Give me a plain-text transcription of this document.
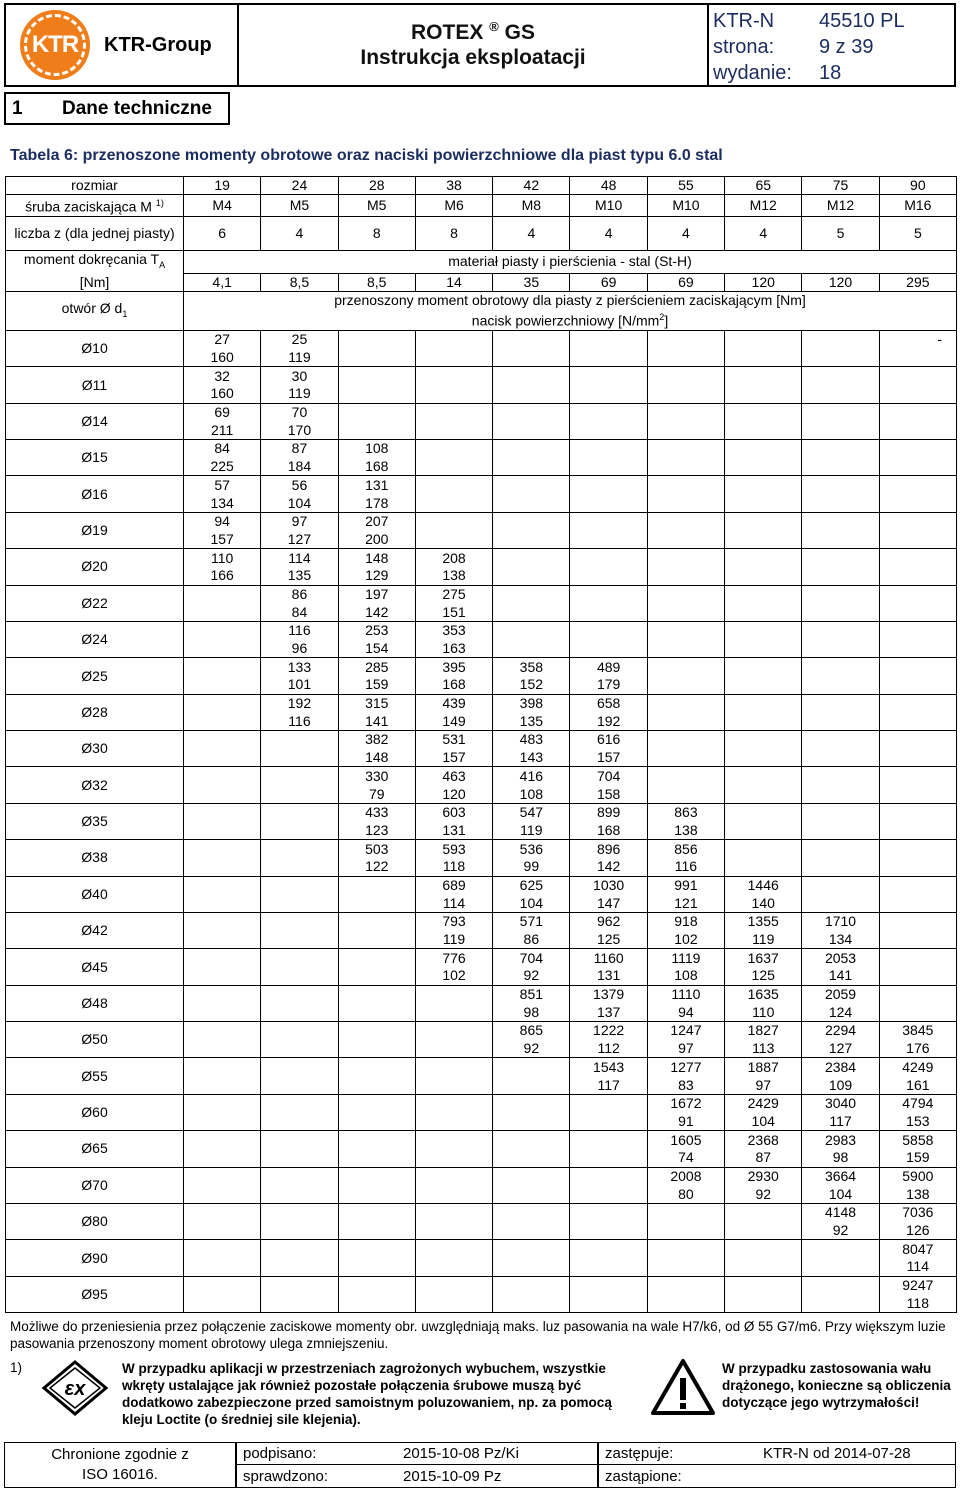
KTR KTR-Group
ROTEX ® GS
Instrukcja eksploatacji
KTR-N	45510 PL
strona:	9 z 39
wydanie:	18
1	Dane techniczne
Tabela 6: przenoszone momenty obrotowe oraz naciski powierzchniowe dla piast typu 6.0 stal
rozmiar	19	24	28	38	42	48	55	65	75	90
śruba zaciskająca M $^{1)}$	M4	M5	M5	M6	M8	M10	M10	M12	M12	M16
liczba z (dla jednej piasty)	6	4	8	8	4	4	4	4	5	5
moment dokręcania $T_A$	materiał piasty i pierścienia - stal (St-H)									
[Nm]	4,1	8,5	8,5	14	35	69	69	120	120	295
otwór Ø $d_1$	przenoszony moment obrotowy dla piasty z pierścieniem zaciskającym [Nm]
nacisk powierzchniowy $[N/mm^2]$									

Ø10	27	25								-
	160	119								
Ø11	32	30								
	160	119								
Ø14	69	70								
	211	170								
Ø15	84	87	108							
	225	184	168							
Ø16	57	56	131							
	134	104	178							
Ø19	94	97	207							
	157	127	200							
Ø20	110	114	148	208						
	166	135	129	138						
Ø22		86	197	275						
		84	142	151						
Ø24		116	253	353						
		96	154	163						
Ø25		133	285	395	358	489				
		101	159	168	152	179				
Ø28		192	315	439	398	658				
		116	141	149	135	192				
Ø30			382	531	483	616				
			148	157	143	157				
Ø32			330	463	416	704				
			79	120	108	158				
Ø35			433	603	547	899	863			
			123	131	119	168	138			
Ø38			503	593	536	896	856			
			122	118	99	142	116			
Ø40				689	625	1030	991	1446		
				114	104	147	121	140		
Ø42				793	571	962	918	1355	1710	
				119	86	125	102	119	134	
Ø45				776	704	1160	1119	1637	2053	
				102	92	131	108	125	141	
Ø48					851	1379	1110	1635	2059	
					98	137	94	110	124	
Ø50					865	1222	1247	1827	2294	3845
					92	112	97	113	127	176
Ø55						1543	1277	1887	2384	4249
						117	83	97	109	161
Ø60							1672	2429	3040	4794
							91	104	117	153
Ø65							1605	2368	2983	5858
							74	87	98	159
Ø70							2008	2930	3664	5900
							80	92	104	138
Ø80									4148	7036
									92	126
Ø90										8047
										114
Ø95										9247
										118
Możliwe do przeniesienia przez połączenie zaciskowe momenty obr. uwzględniają maks. luz pasowania na wale H7/k6, od Ø 55 G7/m6. Przy większym luzie pasowania przenoszony moment obrotowy ulega zmniejszeniu.
1)
εx
W przypadku aplikacji w przestrzeniach zagrożonych wybuchem, wszystkie wkręty ustalające jak również pozostałe połączenia śrubowe muszą być dodatkowo zabezpieczone przed samoistnym poluzowaniem, np. za pomocą kleju Loctite (o średniej sile klejenia).
W przypadku zastosowania wału drążonego, konieczne są obliczenia dotyczące jego wytrzymałości!
Chronione zgodnie z
ISO 16016.
podpisano:	2015-10-08 Pz/Ki	zastępuje:	KTR-N od 2014-07-28
sprawdzono:	2015-10-09 Pz	zastąpione:
